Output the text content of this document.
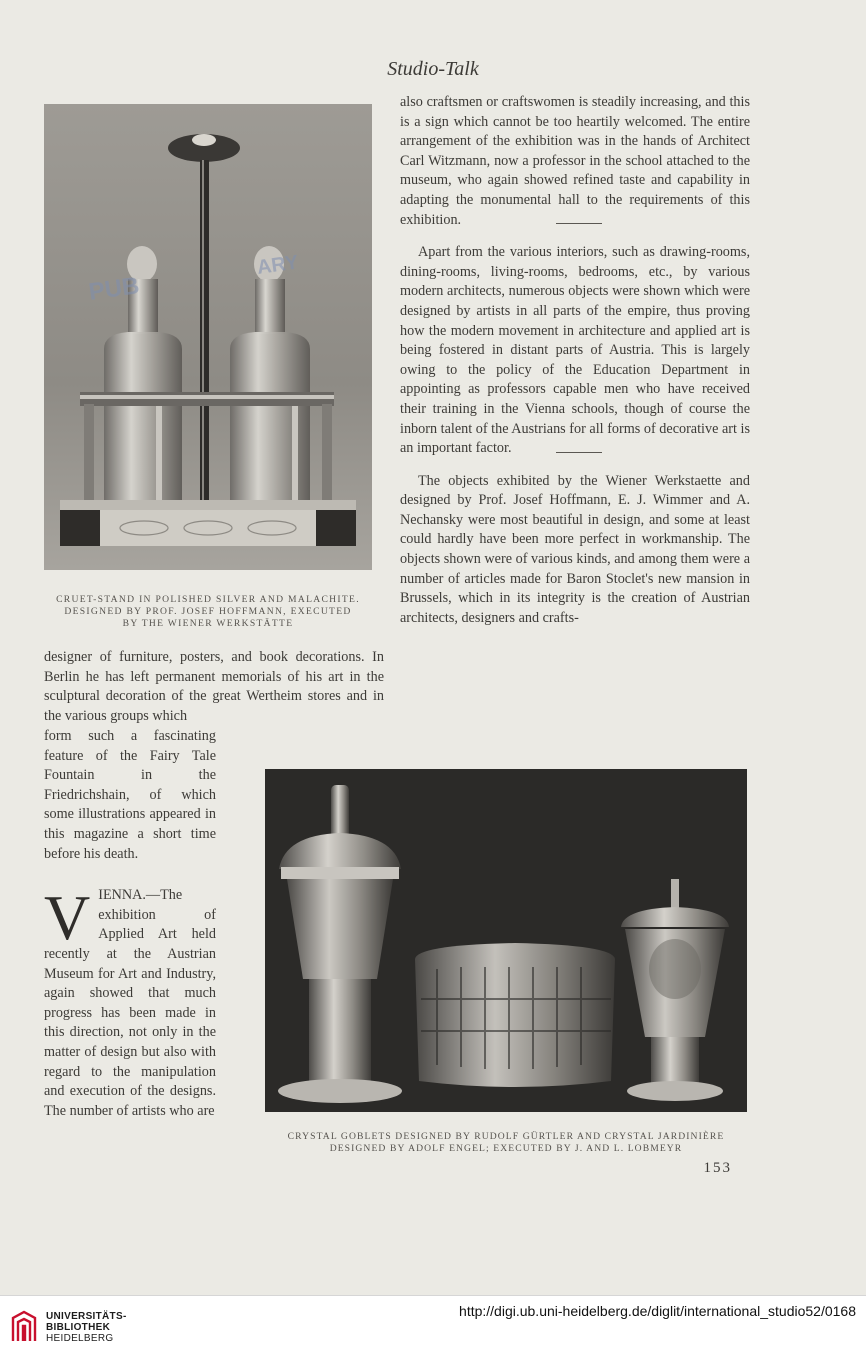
Studio-Talk
PUB
ARY
CRUET-STAND IN POLISHED SILVER AND MALACHITE.
DESIGNED BY PROF. JOSEF HOFFMANN, EXECUTED
BY THE WIENER WERKSTÄTTE

also craftsmen or craftswomen is steadily increasing, and this is a sign which cannot be too heartily welcomed. The entire arrangement of the exhibition was in the hands of Architect Carl Witzmann, now a professor in the school attached to the museum, who again showed refined taste and capability in adapting the monumental hall to the requirements of this exhibition.

Apart from the various interiors, such as drawing-rooms, dining-rooms, living-rooms, bedrooms, etc., by various modern architects, numerous objects were shown which were designed by artists in all parts of the empire, thus proving how the modern movement in architecture and applied art is being fostered in distant parts of Austria. This is largely owing to the policy of the Education Department in appointing as professors capable men who have received their training in the Vienna schools, though of course the inborn talent of the Austrians for all forms of decorative art is an important factor.

The objects exhibited by the Wiener Werkstaette and designed by Prof. Josef Hoffmann, E. J. Wimmer and A. Nechansky were most beautiful in design, and some at least could hardly have been more perfect in workmanship. The objects shown were of various kinds, and among them were a number of articles made for Baron Stoclet's new mansion in Brussels, which in its integrity is the creation of Austrian architects, designers and crafts-

designer of furniture, posters, and book decorations. In Berlin he has left permanent memorials of his art in the sculptural decoration of the great Wertheim stores and in the various groups which

form such a fascinating feature of the Fairy Tale Fountain in the Friedrichshain, of which some illustrations appeared in this magazine a short time before his death.

VIENNA.—The exhibition of Applied Art held recently at the Austrian Museum for Art and Industry, again showed that much progress has been made in this direction, not only in the matter of design but also with regard to the manipulation and execution of the designs. The number of artists who are

CRYSTAL GOBLETS DESIGNED BY RUDOLF GÜRTLER AND CRYSTAL JARDINIÈRE
DESIGNED BY ADOLF ENGEL; EXECUTED BY J. AND L. LOBMEYR
153
UNIVERSITÄTS-
BIBLIOTHEK
HEIDELBERG
http://digi.ub.uni-heidelberg.de/diglit/international_studio52/0168
